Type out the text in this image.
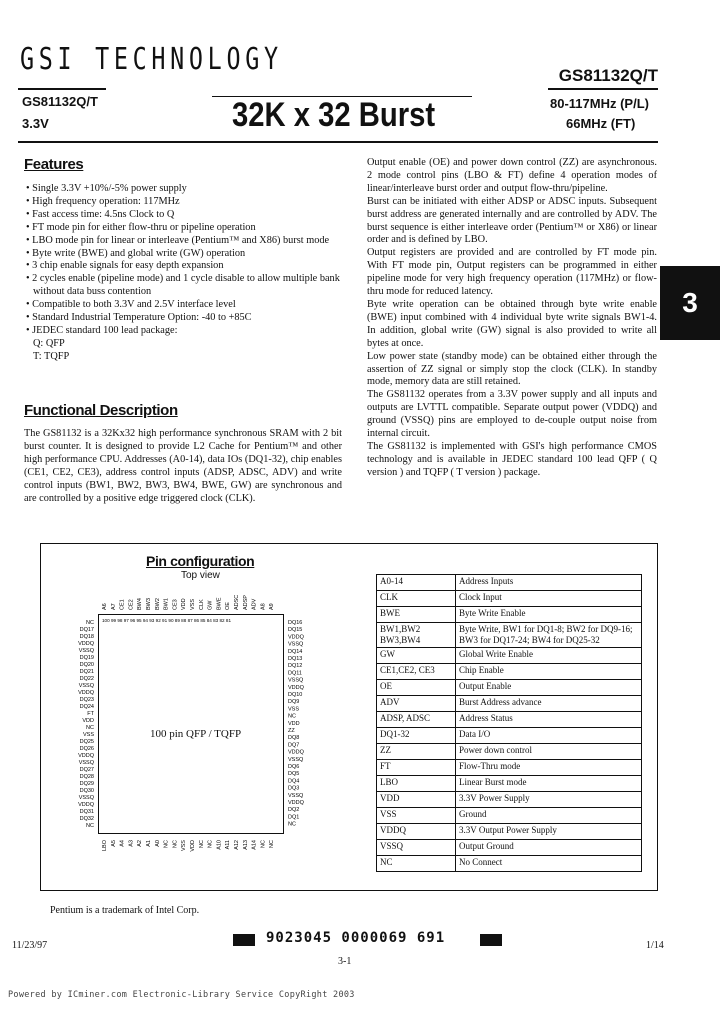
GSI TECHNOLOGY	GS81132Q/T
GS81132Q/T
3.3V	32K x 32 Burst	80-117MHz (P/L)
66MHz (FT)
Features
• Single 3.3V +10%/-5% power supply
• High frequency operation: 117MHz
• Fast access time: 4.5ns Clock to Q
• FT mode pin for either flow-thru or pipeline operation
• LBO mode pin for linear or interleave (Pentium™ and X86) burst mode
• Byte write (BWE) and global write (GW) operation
• 3 chip enable signals for easy depth expansion
• 2 cycles enable (pipeline mode) and 1 cycle disable to allow multiple bank without data buss contention
• Compatible to both 3.3V and 2.5V interface level
• Standard Industrial Temperature Option: -40 to +85C
• JEDEC standard 100 lead package:
Q: QFP
T: TQFP
Functional Description
The GS81132 is a 32Kx32 high performance synchronous SRAM with 2 bit burst counter. It is designed to provide L2 Cache for Pentium™ and other high performance CPU. Addresses (A0-14), data IOs (DQ1-32), chip enables (CE1, CE2, CE3), address control inputs (ADSP, ADSC, ADV) and write control inputs (BW1, BW2, BW3, BW4, BWE, GW) are synchronous and are controlled by a positive edge triggered clock (CLK).
Output enable (OE) and power down control (ZZ) are asynchronous. 2 mode control pins (LBO & FT) define 4 operation modes of linear/interleave burst order and output flow-thru/pipeline.
Burst can be initiated with either ADSP or ADSC inputs. Subsequent burst address are generated internally and are controlled by ADV. The burst sequence is either interleave order (Pentium™ or X86) or linear order and is defined by LBO.
Output registers are provided and are controlled by FT mode pin. With FT mode pin, Output registers can be programmed in either pipeline mode for very high frequency operation (117MHz) or flow-thru mode for reduced latency.
Byte write operation can be obtained through byte write enable (BWE) input combined with 4 individual byte write signals BW1-4. In addition, global write (GW) signal is also provided to write all bytes at once.
Low power state (standby mode) can be obtained either through the assertion of ZZ signal or simply stop the clock (CLK). In standby mode, memory data are still retained.
The GS81132 operates from a 3.3V power supply and all inputs and outputs are LVTTL compatible. Separate output power (VDDQ) and ground (VSSQ) pins are employed to de-couple output noise from internal circuit.
The GS81132 is implemented with GSI's high performance CMOS technology and is available in JEDEC standard 100 lead QFP ( Q version ) and TQFP ( T version ) package.
3
Pin configuration
Top view
NC
DQ17
DQ18
VDDQ
VSSQ
DQ19
DQ20
DQ21
DQ22
VSSQ
VDDQ
DQ23
DQ24
FT
VDD
NC
VSS
DQ25
DQ26
VDDQ
VSSQ
DQ27
DQ28
DQ29
DQ30
VSSQ
VDDQ
DQ31
DQ32
NC
DQ16
DQ15
VDDQ
VSSQ
DQ14
DQ13
DQ12
DQ11
VSSQ
VDDQ
DQ10
DQ9
VSS
NC
VDD
ZZ
DQ8
DQ7
VDDQ
VSSQ
DQ6
DQ5
DQ4
DQ3
VSSQ
VDDQ
DQ2
DQ1
NC
A6 A7 CE1 CE2 BW4 BW3 BW2 BW1 CE3 VDD VSS CLK GW BWE OE ADSC ADSP ADV A8 A9
LBO A5 A4 A3 A2 A1 A0 NC NC VSS VDD NC NC A10 A11 A12 A13 A14 NC NC
100 99 98 97 96 95 94 93 92 91 90 89 88 87 86 85 84 83 82 81
100 pin QFP / TQFP
A0-14	Address Inputs
CLK	Clock Input
BWE	Byte Write Enable
BW1,BW2 BW3,BW4	Byte Write, BW1 for DQ1-8; BW2 for DQ9-16; BW3 for DQ17-24; BW4 for DQ25-32
GW	Global Write Enable
CE1,CE2, CE3	Chip Enable
OE	Output Enable
ADV	Burst Address advance
ADSP, ADSC	Address Status
DQ1-32	Data I/O
ZZ	Power down control
FT	Flow-Thru mode
LBO	Linear Burst mode
VDD	3.3V Power Supply
VSS	Ground
VDDQ	3.3V Output Power Supply
VSSQ	Output Ground
NC	No Connect
Pentium is a trademark of Intel Corp.
11/23/97	9023045 0000069 691
3-1
1/14
Powered by ICminer.com Electronic-Library Service CopyRight 2003
